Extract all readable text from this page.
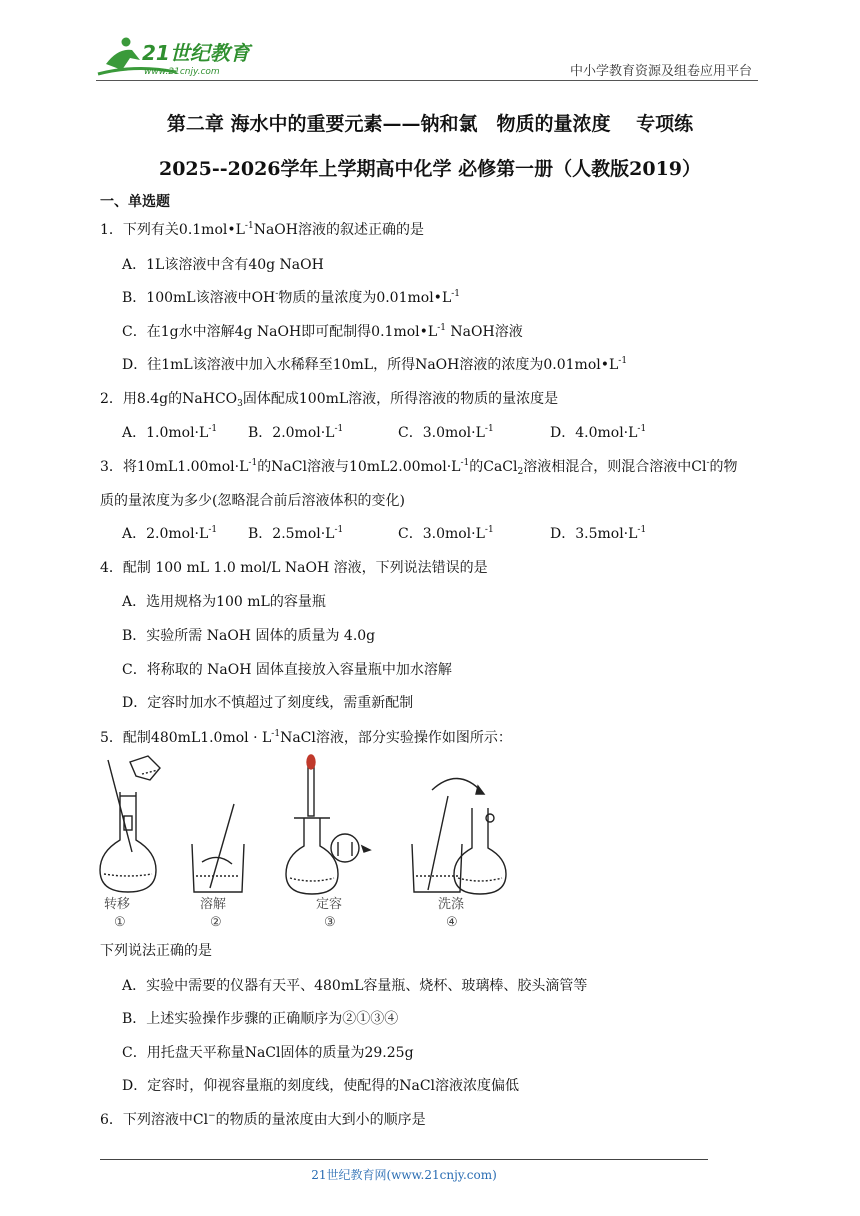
21世纪教育
www.21cnjy.com	中小学教育资源及组卷应用平台
第二章 海水中的重要元素——钠和氯　物质的量浓度　 专项练
2025--2026学年上学期高中化学 必修第一册（人教版2019）
一、单选题
1．下列有关$0.1mol•L^{-1}NaOH$溶液的叙述正确的是
A．1L该溶液中含有40g NaOH
B．100mL该溶液中OH-物质的量浓度为$0.01mol•L^{-1}$
C．在1g水中溶解4g NaOH即可配制得$0.1mol•L^{-1}$ NaOH溶液
D．往1mL该溶液中加入水稀释至10mL，所得NaOH溶液的浓度为$0.01mol•L^{-1}$
2．用8.4g的NaHCO$_3$固体配成100mL溶液，所得溶液的物质的量浓度是
A．$1.0mol\cdot L^{-1}$ B．$2.0mol\cdot L^{-1}$	C．$3.0mol\cdot L^{-1}$	D．$4.0mol\cdot L^{-1}$
3．将$10mL1.00mol\cdot L^{-1}$的NaCl溶液与$10mL2.00mol\cdot L^{-1}$的CaCl$_2$溶液相混合，则混合溶液中Cl-的物
质的量浓度为多少(忽略混合前后溶液体积的变化)
A．$2.0mol\cdot L^{-1}$ B．$2.5mol\cdot L^{-1}$	C．$3.0mol\cdot L^{-1}$	D．$3.5mol\cdot L^{-1}$
4．配制 100 mL 1.0 mol/L NaOH 溶液，下列说法错误的是
A．选用规格为100 mL的容量瓶
B．实验所需 NaOH 固体的质量为 4.0g
C．将称取的 NaOH 固体直接放入容量瓶中加水溶解
D．定容时加水不慎超过了刻度线，需重新配制
5．配制$480mL1.0mol \cdot L^{-1}NaCl$溶液，部分实验操作如图所示：
转移	溶解	定容	洗涤
①	②	③	④
下列说法正确的是
A．实验中需要的仪器有天平、480mL容量瓶、烧杯、玻璃棒、胶头滴管等
B．上述实验操作步骤的正确顺序为②①③④
C．用托盘天平称量NaCl固体的质量为29.25g
D．定容时，仰视容量瓶的刻度线，使配得的NaCl溶液浓度偏低
6．下列溶液中Cl−的物质的量浓度由大到小的顺序是
21世纪教育网(www.21cnjy.com)
